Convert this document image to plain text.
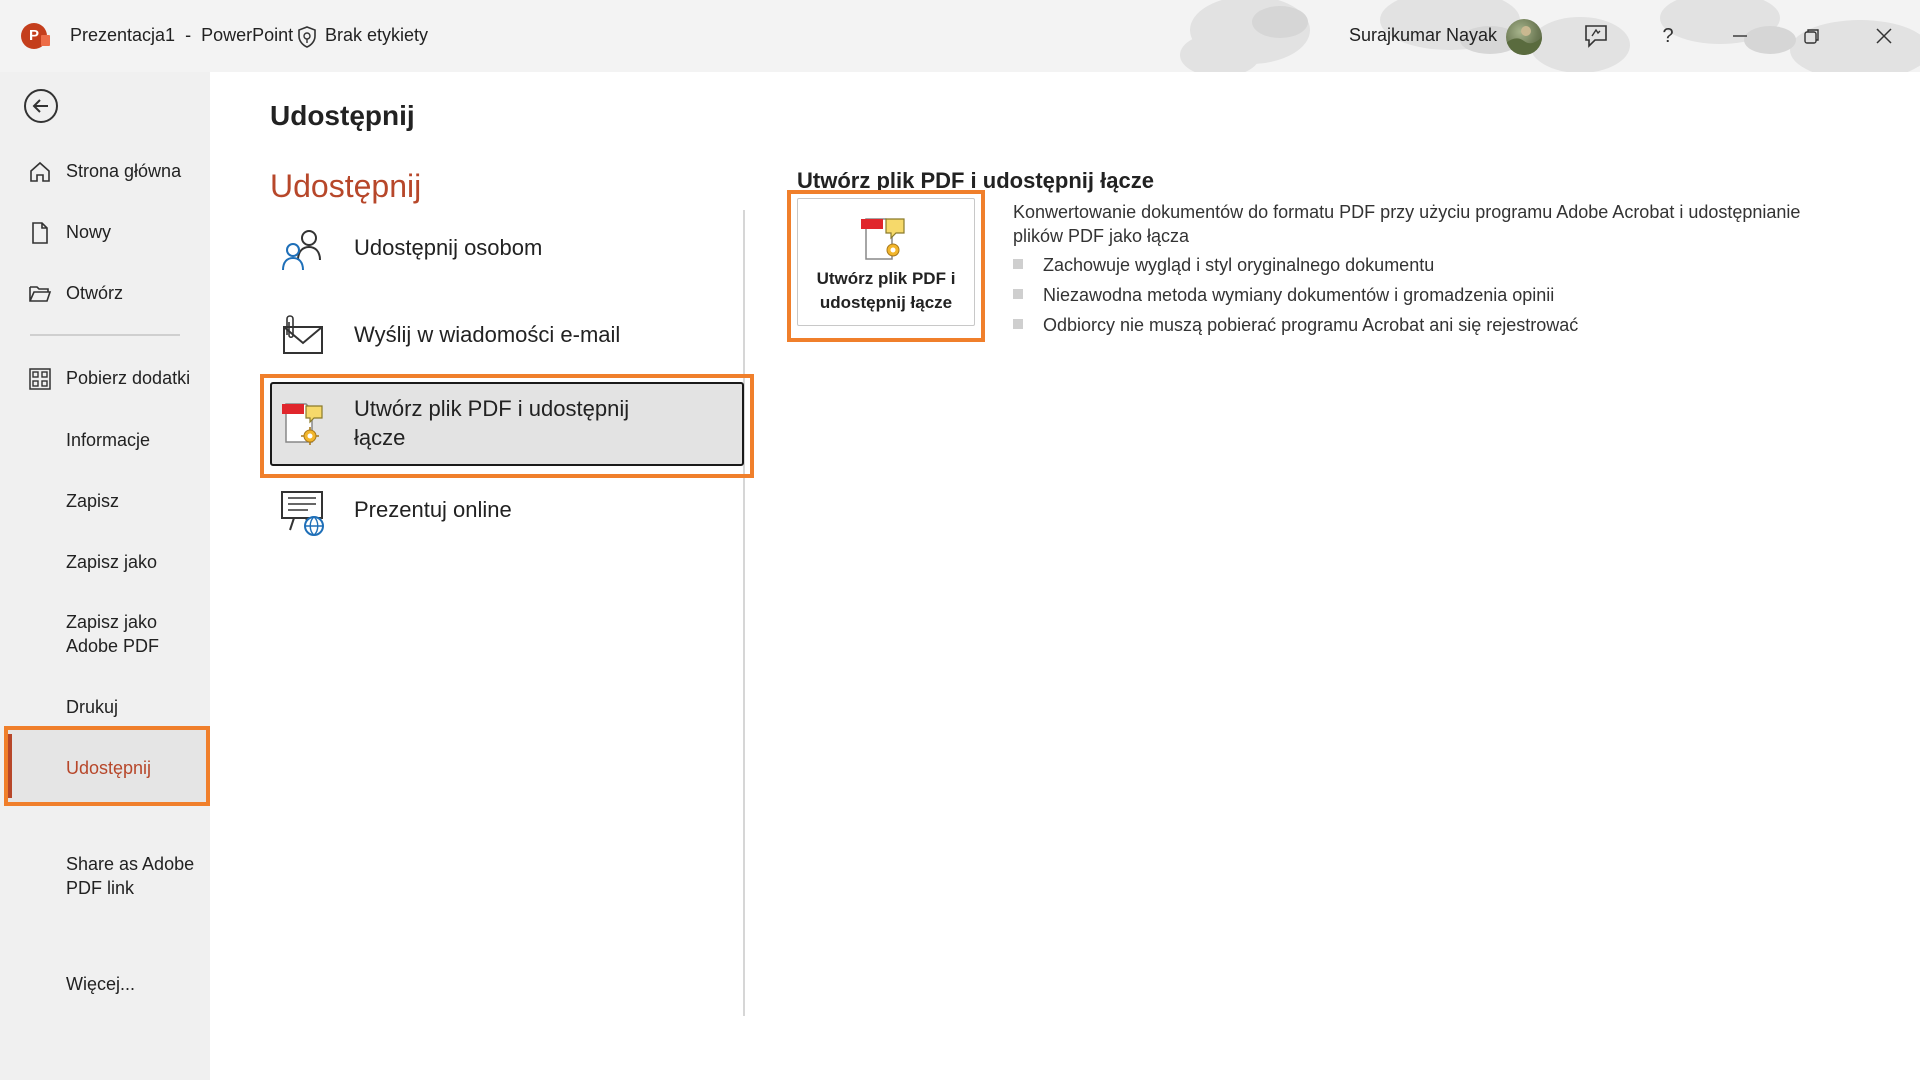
P	Prezentacja1 - PowerPoint Brak etykiety	Surajkumar Nayak	?
Strona główna
Nowy
Otwórz
Pobierz dodatki
Informacje
Zapisz
Zapisz jako
Zapisz jako Adobe PDF
Drukuj
Udostępnij
Share as Adobe PDF link
Więcej...
Udostępnij
Udostępnij
Udostępnij osobom
Wyślij w wiadomości e-mail
Utwórz plik PDF i udostępnij łącze
Prezentuj online
Utwórz plik PDF i udostępnij łącze
Utwórz plik PDF i udostępnij łącze
Konwertowanie dokumentów do formatu PDF przy użyciu programu Adobe Acrobat i udostępnianie plików PDF jako łącza
Zachowuje wygląd i styl oryginalnego dokumentu
Niezawodna metoda wymiany dokumentów i gromadzenia opinii
Odbiorcy nie muszą pobierać programu Acrobat ani się rejestrować
